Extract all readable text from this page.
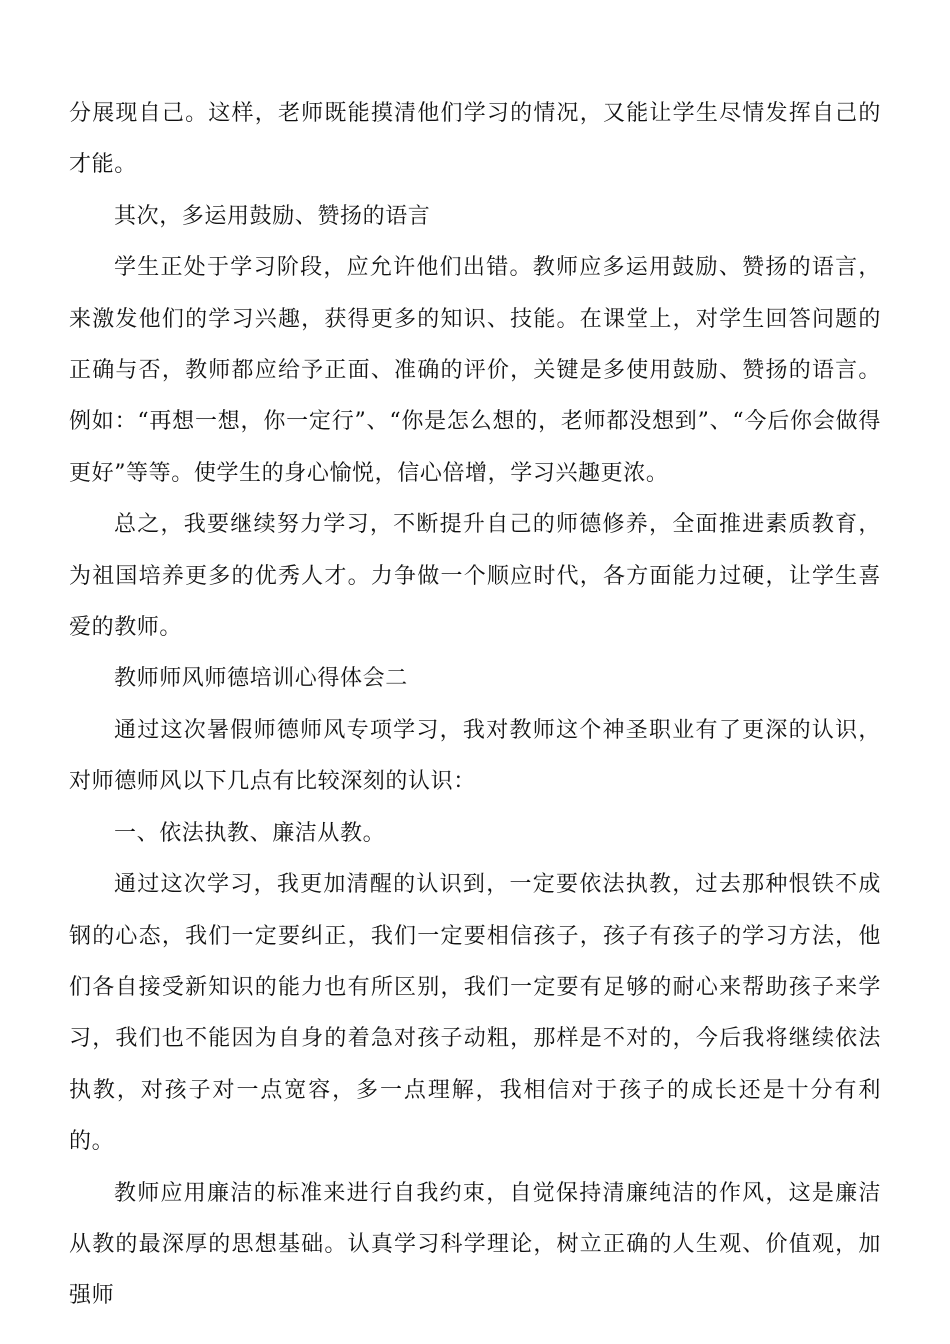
分展现自己。这样，老师既能摸清他们学习的情况，又能让学生尽情发挥自己的才能。

其次，多运用鼓励、赞扬的语言

学生正处于学习阶段，应允许他们出错。教师应多运用鼓励、赞扬的语言，来激发他们的学习兴趣，获得更多的知识、技能。在课堂上，对学生回答问题的正确与否，教师都应给予正面、准确的评价，关键是多使用鼓励、赞扬的语言。例如：“再想一想，你一定行”、“你是怎么想的，老师都没想到”、“今后你会做得更好”等等。使学生的身心愉悦，信心倍增，学习兴趣更浓。

总之，我要继续努力学习，不断提升自己的师德修养，全面推进素质教育，为祖国培养更多的优秀人才。力争做一个顺应时代，各方面能力过硬，让学生喜爱的教师。

教师师风师德培训心得体会二

通过这次暑假师德师风专项学习，我对教师这个神圣职业有了更深的认识，对师德师风以下几点有比较深刻的认识：

一、依法执教、廉洁从教。

通过这次学习，我更加清醒的认识到，一定要依法执教，过去那种恨铁不成钢的心态，我们一定要纠正，我们一定要相信孩子，孩子有孩子的学习方法，他们各自接受新知识的能力也有所区别，我们一定要有足够的耐心来帮助孩子来学习，我们也不能因为自身的着急对孩子动粗，那样是不对的，今后我将继续依法执教，对孩子对一点宽容，多一点理解，我相信对于孩子的成长还是十分有利的。

教师应用廉洁的标准来进行自我约束，自觉保持清廉纯洁的作风，这是廉洁从教的最深厚的思想基础。认真学习科学理论，树立正确的人生观、价值观，加强师
